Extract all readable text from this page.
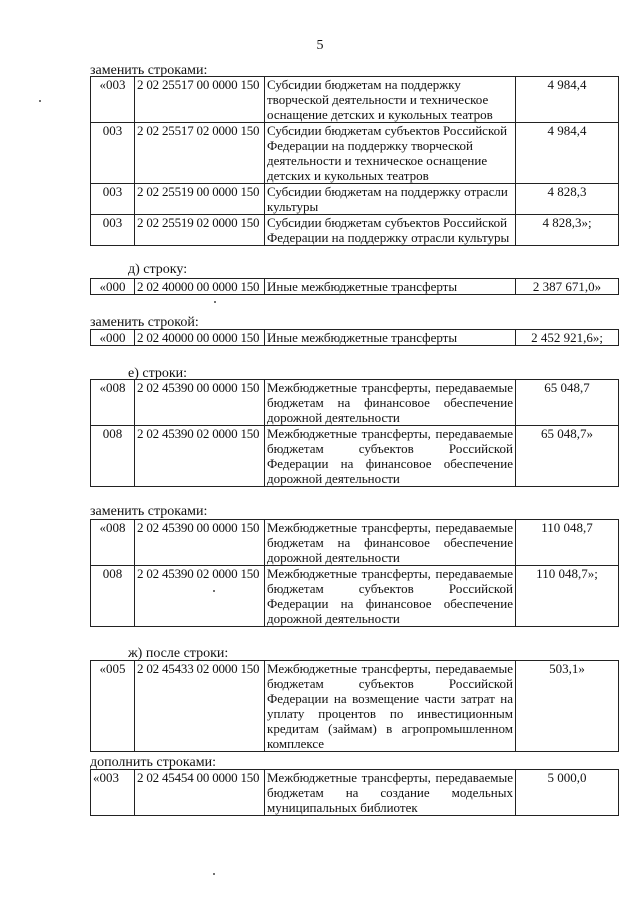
5
заменить строками:
«003	2 02 25517 00 0000 150	Субсидии бюджетам на поддержку творческой деятельности и техническое оснащение детских и кукольных театров	4 984,4
003	2 02 25517 02 0000 150	Субсидии бюджетам субъектов Российской Федерации на поддержку творческой деятельности и техническое оснащение детских и кукольных театров	4 984,4
003	2 02 25519 00 0000 150	Субсидии бюджетам на поддержку отрасли культуры	4 828,3
003	2 02 25519 02 0000 150	Субсидии бюджетам субъектов Российской Федерации на поддержку отрасли культуры	4 828,3»;
д) строку:
«000	2 02 40000 00 0000 150	Иные межбюджетные трансферты	2 387 671,0»
заменить строкой:
«000	2 02 40000 00 0000 150	Иные межбюджетные трансферты	2 452 921,6»;
е) строки:
«008	2 02 45390 00 0000 150	Межбюджетные трансферты, передаваемые бюджетам на финансовое обеспечение дорожной деятельности	65 048,7
008	2 02 45390 02 0000 150	Межбюджетные трансферты, передаваемые бюджетам субъектов Российской Федерации на финансовое обеспечение дорожной деятельности	65 048,7»
заменить строками:
«008	2 02 45390 00 0000 150	Межбюджетные трансферты, передаваемые бюджетам на финансовое обеспечение дорожной деятельности	110 048,7
008	2 02 45390 02 0000 150	Межбюджетные трансферты, передаваемые бюджетам субъектов Российской Федерации на финансовое обеспечение дорожной деятельности	110 048,7»;
ж) после строки:
«005	2 02 45433 02 0000 150	Межбюджетные трансферты, передаваемые бюджетам субъектов Российской Федерации на возмещение части затрат на уплату процентов по инвестиционным кредитам (займам) в агропромышленном комплексе	503,1»
дополнить строками:
«003	2 02 45454 00 0000 150	Межбюджетные трансферты, передаваемые бюджетам на создание модельных муниципальных библиотек	5 000,0
